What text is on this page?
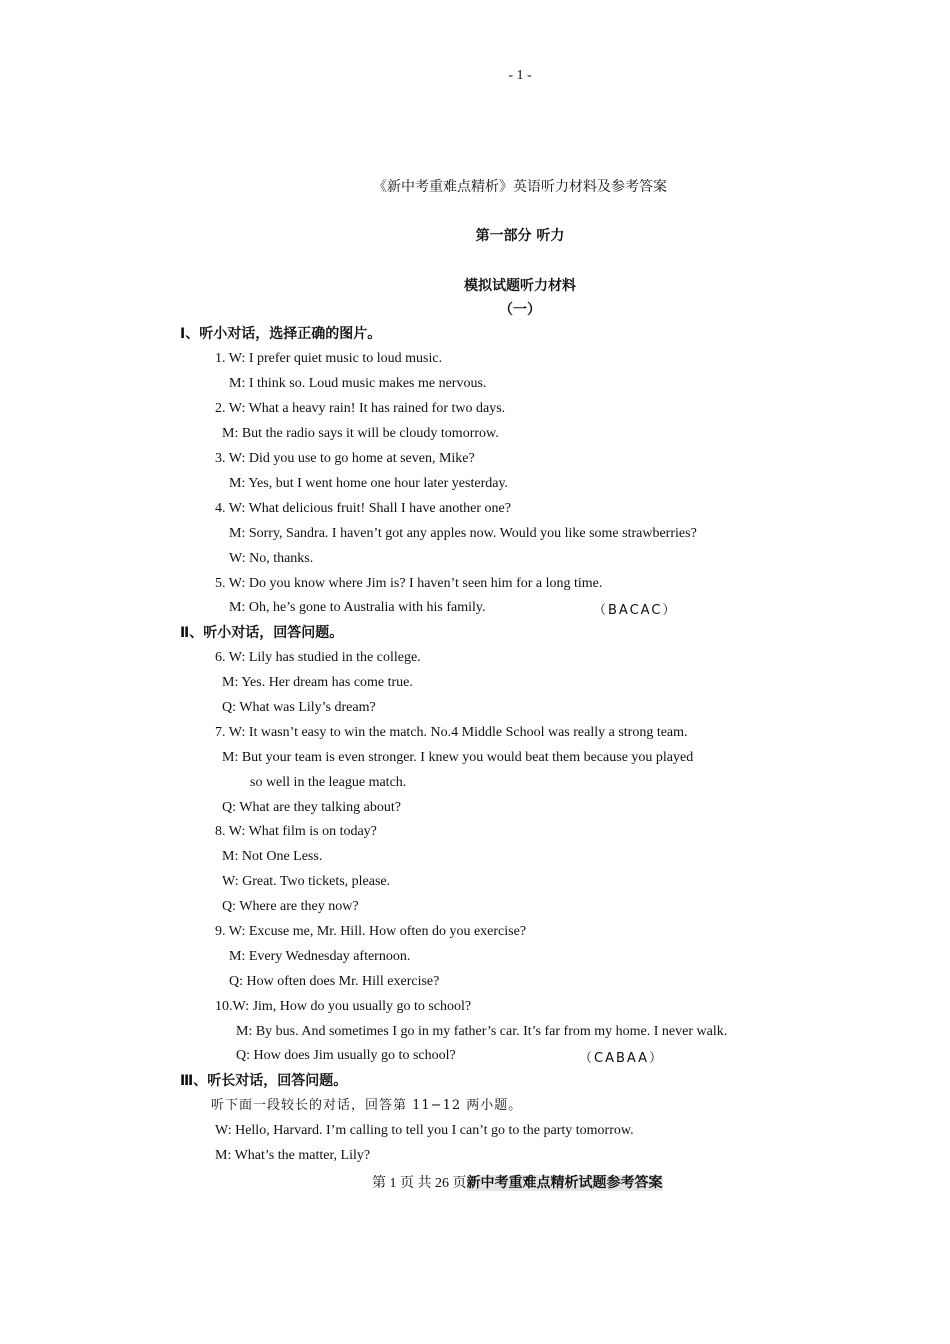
- 1 -
《新中考重难点精析》英语听力材料及参考答案
第一部分 听力
模拟试题听力材料
（一）
Ⅰ、听小对话，选择正确的图片。
1. W: I prefer quiet music to loud music.
M: I think so. Loud music makes me nervous.
2. W: What a heavy rain! It has rained for two days.
M: But the radio says it will be cloudy tomorrow.
3. W: Did you use to go home at seven, Mike?
M: Yes, but I went home one hour later yesterday.
4. W: What delicious fruit! Shall I have another one?
M: Sorry, Sandra. I haven’t got any apples now. Would you like some strawberries?
W: No, thanks.
5. W: Do you know where Jim is? I haven’t seen him for a long time.
M: Oh, he’s gone to Australia with his family.	（BACAC）
Ⅱ、听小对话，回答问题。
6. W: Lily has studied in the college.
M: Yes. Her dream has come true.
Q: What was Lily’s dream?
7. W: It wasn’t easy to win the match. No.4 Middle School was really a strong team.
M: But your team is even stronger. I knew you would beat them because you played
so well in the league match.
Q: What are they talking about?
8. W: What film is on today?
M: Not One Less.
W: Great. Two tickets, please.
Q: Where are they now?
9. W: Excuse me, Mr. Hill. How often do you exercise?
M: Every Wednesday afternoon.
Q: How often does Mr. Hill exercise?
10.W: Jim, How do you usually go to school?
M: By bus. And sometimes I go in my father’s car. It’s far from my home. I never walk.
Q: How does Jim usually go to school?	（CABAA）
Ⅲ、听长对话，回答问题。
听下面一段较长的对话，回答第 11−12 两小题。
W: Hello, Harvard. I’m calling to tell you I can’t go to the party tomorrow.
M: What’s the matter, Lily?
第 1 页 共 26 页新中考重难点精析试题参考答案
